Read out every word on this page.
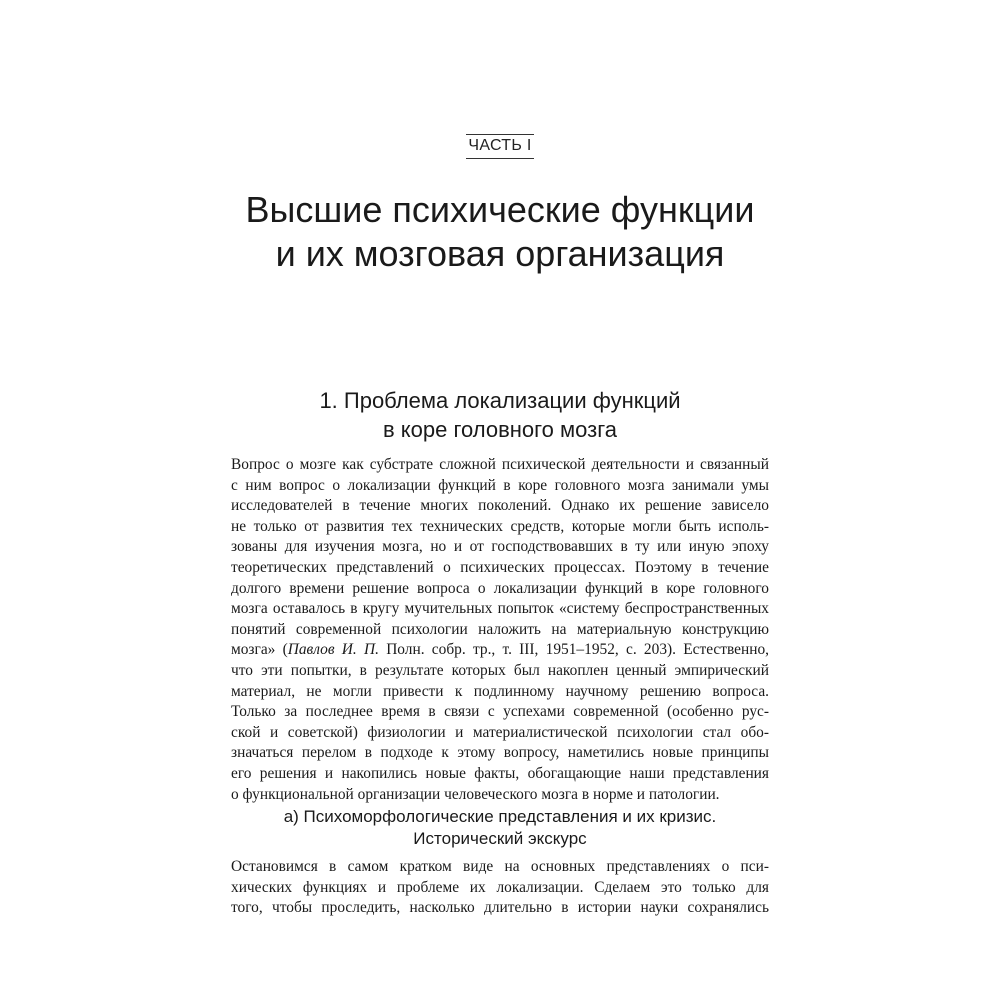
ЧАСТЬ I
Высшие психические функции
и их мозговая организация
1. Проблема локализации функций
в коре головного мозга
Вопрос о мозге как субстрате сложной психической деятельности и связанный
с ним вопрос о локализации функций в коре головного мозга занимали умы
исследователей в течение многих поколений. Однако их решение зависело
не только от развития тех технических средств, которые могли быть исполь-
зованы для изучения мозга, но и от господствовавших в ту или иную эпоху
теоретических представлений о психических процессах. Поэтому в течение
долгого времени решение вопроса о локализации функций в коре головного
мозга оставалось в кругу мучительных попыток «систему беспространственных
понятий современной психологии наложить на материальную конструкцию
мозга» (Павлов И. П. Полн. собр. тр., т. III, 1951–1952, с. 203). Естественно,
что эти попытки, в результате которых был накоплен ценный эмпирический
материал, не могли привести к подлинному научному решению вопроса.
Только за последнее время в связи с успехами современной (особенно рус-
ской и советской) физиологии и материалистической психологии стал обо-
значаться перелом в подходе к этому вопросу, наметились новые принципы
его решения и накопились новые факты, обогащающие наши представления
о функциональной организации человеческого мозга в норме и патологии.
а) Психоморфологические представления и их кризис.
Исторический экскурс
Остановимся в самом кратком виде на основных представлениях о пси-
хических функциях и проблеме их локализации. Сделаем это только для
того, чтобы проследить, насколько длительно в истории науки сохранялись
